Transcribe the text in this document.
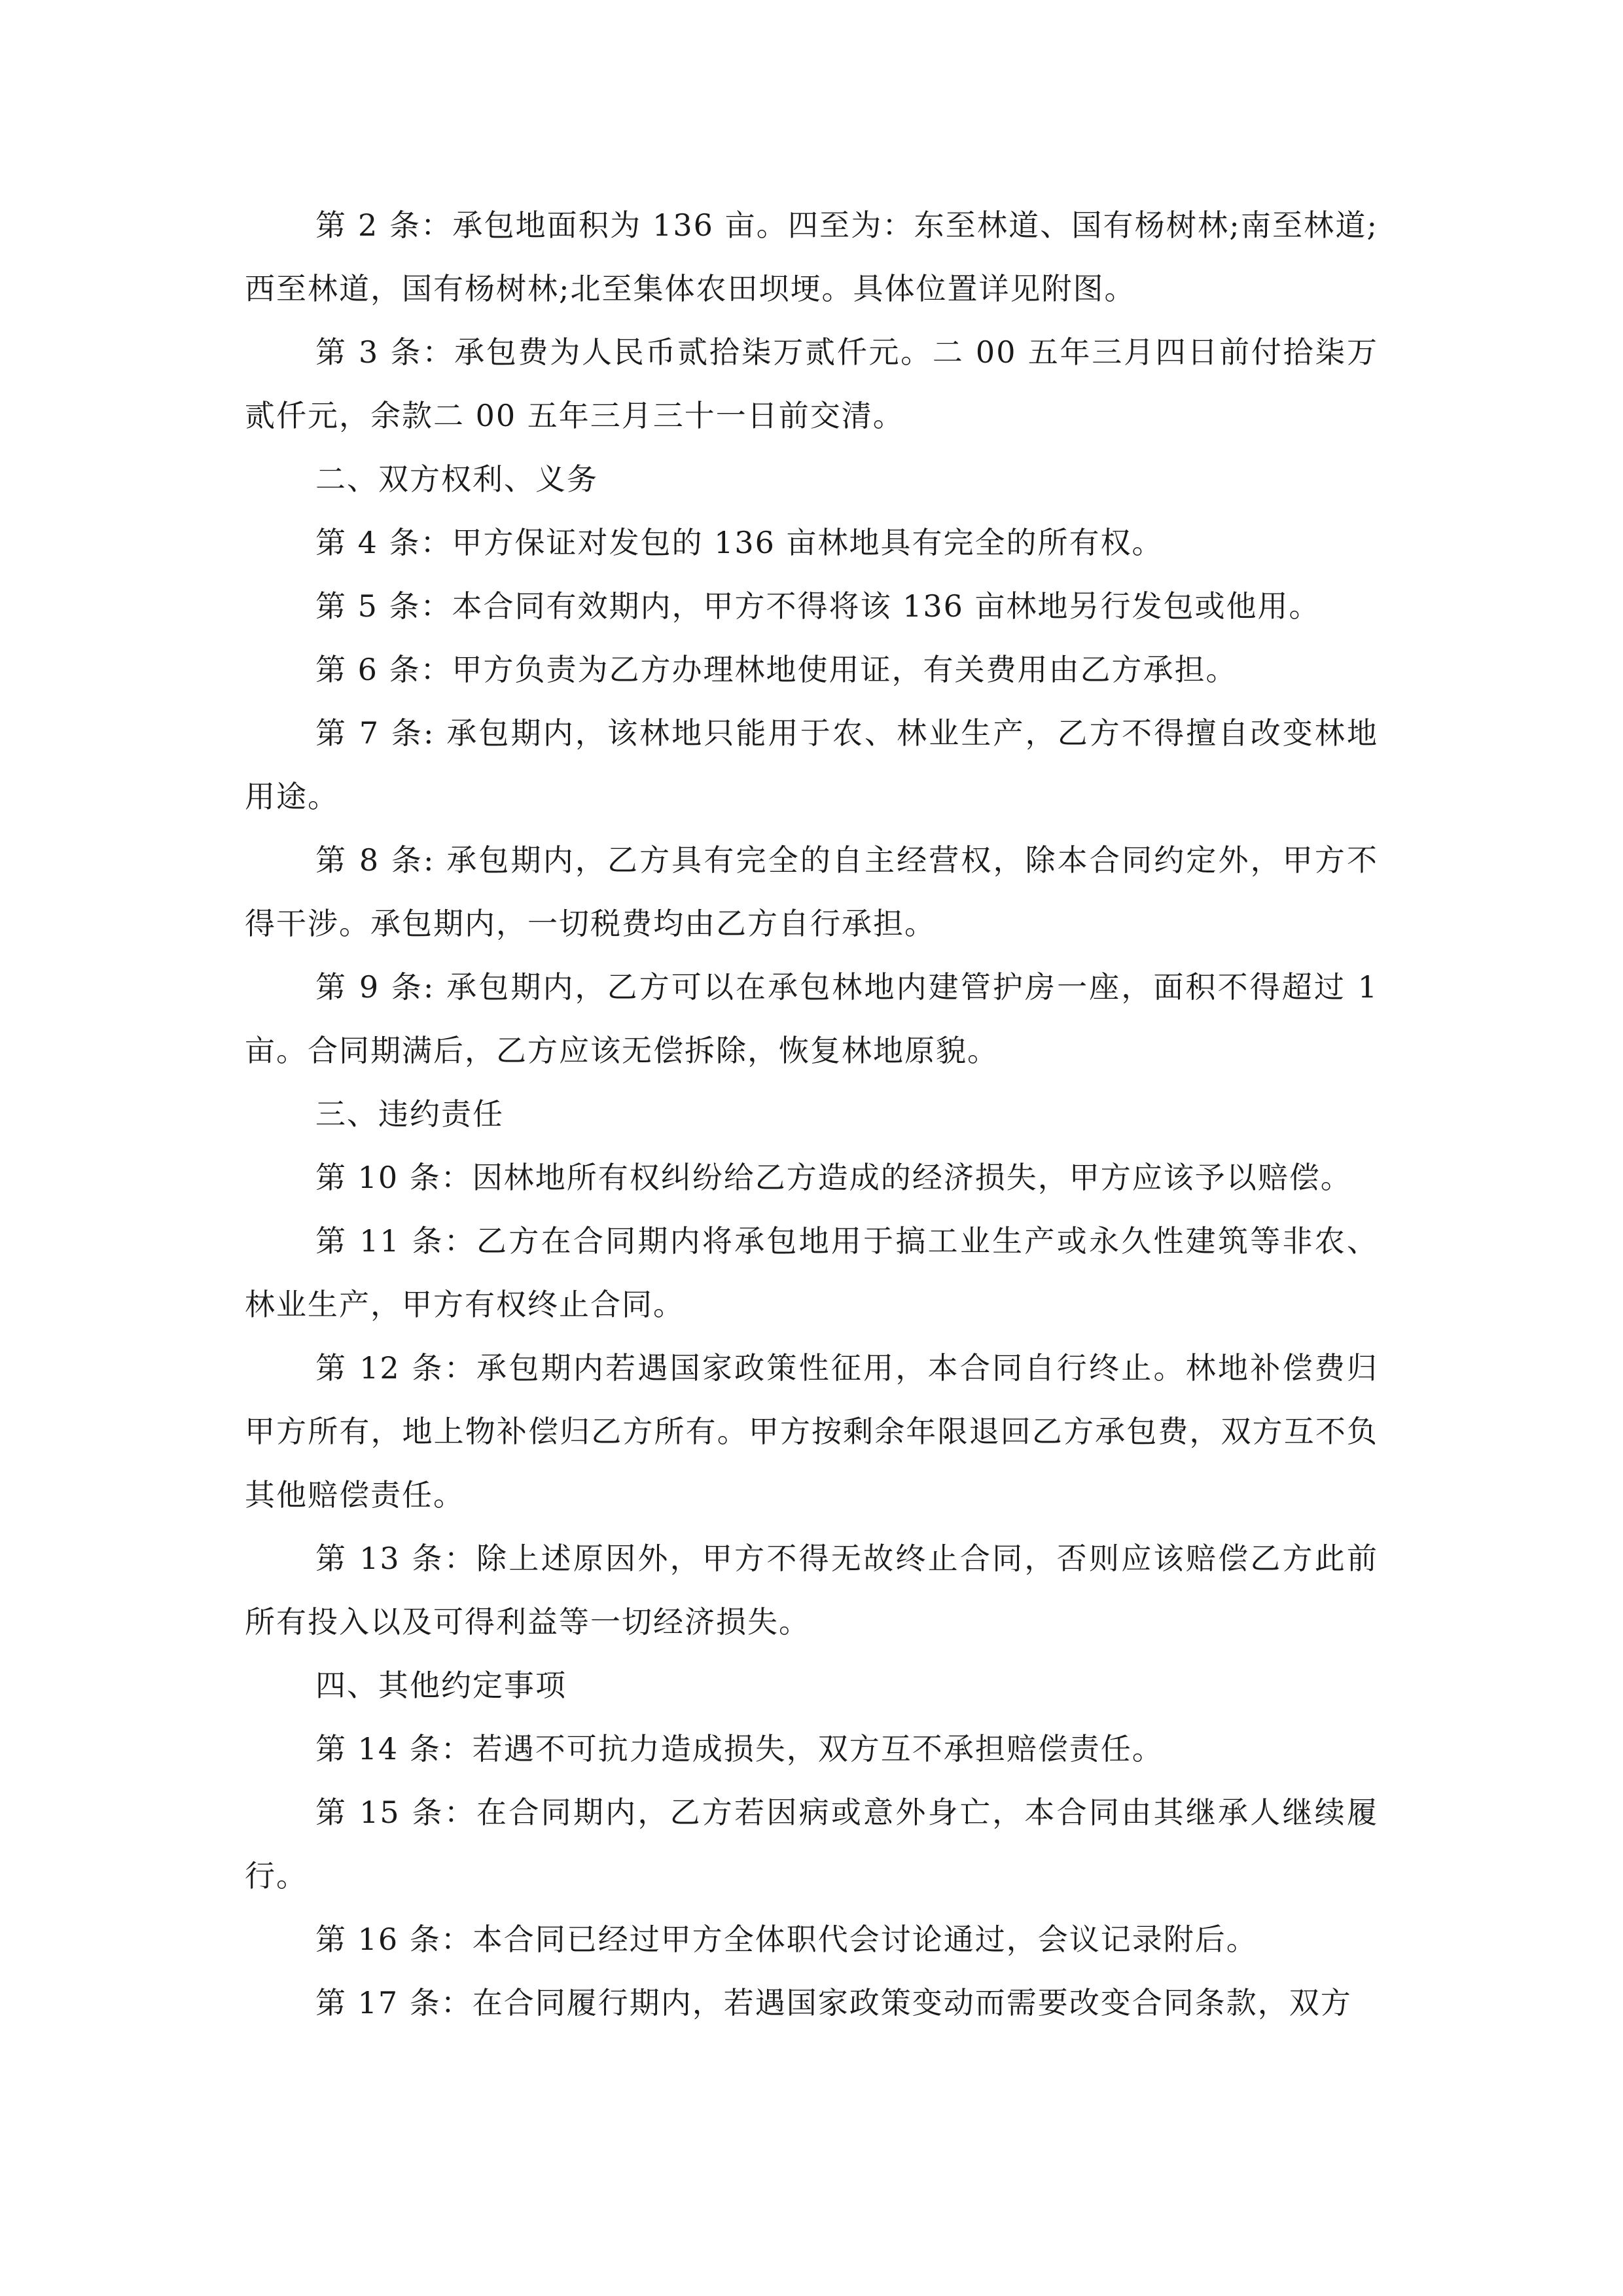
第 2 条：承包地面积为 136 亩。四至为：东至林道、国有杨树林;南至林道;西至林道，国有杨树林;北至集体农田坝埂。具体位置详见附图。

第 3 条：承包费为人民币贰拾柒万贰仟元。二 00 五年三月四日前付拾柒万贰仟元，余款二 00 五年三月三十一日前交清。

二、双方权利、义务

第 4 条：甲方保证对发包的 136 亩林地具有完全的所有权。

第 5 条：本合同有效期内，甲方不得将该 136 亩林地另行发包或他用。

第 6 条：甲方负责为乙方办理林地使用证，有关费用由乙方承担。

第 7 条: 承包期内，该林地只能用于农、林业生产，乙方不得擅自改变林地用途。

第 8 条: 承包期内，乙方具有完全的自主经营权，除本合同约定外，甲方不得干涉。承包期内，一切税费均由乙方自行承担。

第 9 条: 承包期内，乙方可以在承包林地内建管护房一座，面积不得超过 1 亩。合同期满后，乙方应该无偿拆除，恢复林地原貌。

三、违约责任

第 10 条：因林地所有权纠纷给乙方造成的经济损失，甲方应该予以赔偿。

第 11 条：乙方在合同期内将承包地用于搞工业生产或永久性建筑等非农、林业生产，甲方有权终止合同。

第 12 条：承包期内若遇国家政策性征用，本合同自行终止。林地补偿费归甲方所有，地上物补偿归乙方所有。甲方按剩余年限退回乙方承包费，双方互不负其他赔偿责任。

第 13 条：除上述原因外，甲方不得无故终止合同，否则应该赔偿乙方此前所有投入以及可得利益等一切经济损失。

四、其他约定事项

第 14 条：若遇不可抗力造成损失，双方互不承担赔偿责任。

第 15 条：在合同期内，乙方若因病或意外身亡，本合同由其继承人继续履行。

第 16 条：本合同已经过甲方全体职代会讨论通过，会议记录附后。

第 17 条：在合同履行期内，若遇国家政策变动而需要改变合同条款，双方
